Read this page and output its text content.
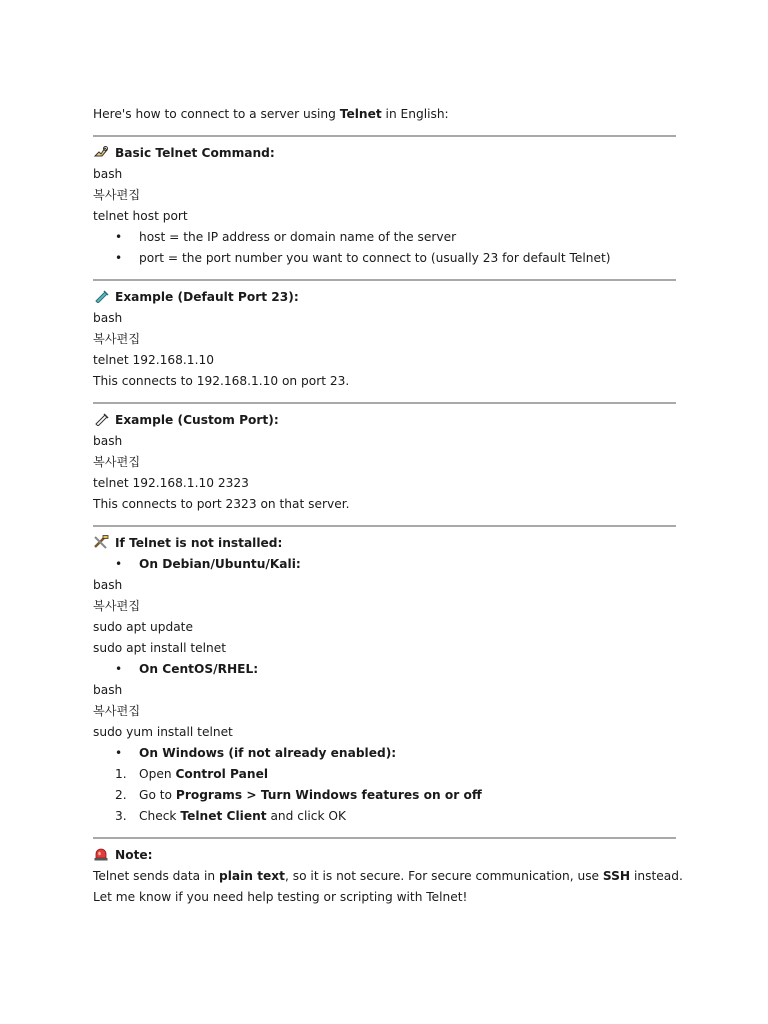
Here's how to connect to a server using Telnet in English:
Basic Telnet Command:
bash
복사편집
telnet host port
• host = the IP address or domain name of the server
• port = the port number you want to connect to (usually 23 for default Telnet)
Example (Default Port 23):
bash
복사편집
telnet 192.168.1.10
This connects to 192.168.1.10 on port 23.
Example (Custom Port):
bash
복사편집
telnet 192.168.1.10 2323
This connects to port 2323 on that server.
If Telnet is not installed:
• On Debian/Ubuntu/Kali:
bash
복사편집
sudo apt update
sudo apt install telnet
• On CentOS/RHEL:
bash
복사편집
sudo yum install telnet
• On Windows (if not already enabled):
1. Open Control Panel
2. Go to Programs > Turn Windows features on or off
3. Check Telnet Client and click OK
Note:
Telnet sends data in plain text, so it is not secure. For secure communication, use SSH instead.
Let me know if you need help testing or scripting with Telnet!
